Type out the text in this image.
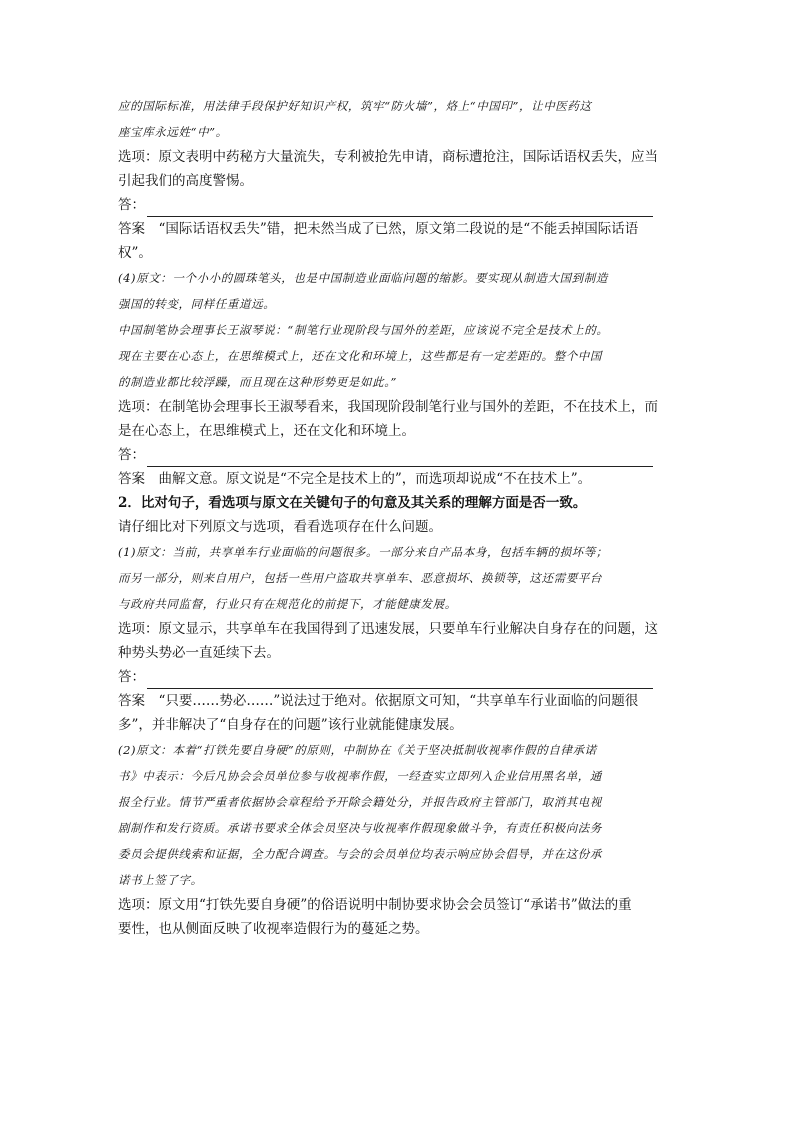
应的国际标准，用法律手段保护好知识产权，筑牢“防火墙”，烙上“中国印”，让中医药这

座宝库永远姓“中”。

选项：原文表明中药秘方大量流失，专利被抢先申请，商标遭抢注，国际话语权丢失，应当

引起我们的高度警惕。

答：

答案　“国际话语权丢失”错，把未然当成了已然，原文第二段说的是“不能丢掉国际话语

权”。

(4)原文：一个小小的圆珠笔头，也是中国制造业面临问题的缩影。要实现从制造大国到制造

强国的转变，同样任重道远。

中国制笔协会理事长王淑琴说：“制笔行业现阶段与国外的差距，应该说不完全是技术上的。

现在主要在心态上，在思维模式上，还在文化和环境上，这些都是有一定差距的。整个中国

的制造业都比较浮躁，而且现在这种形势更是如此。”

选项：在制笔协会理事长王淑琴看来，我国现阶段制笔行业与国外的差距，不在技术上，而

是在心态上，在思维模式上，还在文化和环境上。

答：

答案　曲解文意。原文说是“不完全是技术上的”，而选项却说成“不在技术上”。

2．比对句子，看选项与原文在关键句子的句意及其关系的理解方面是否一致。

请仔细比对下列原文与选项，看看选项存在什么问题。

(1)原文：当前，共享单车行业面临的问题很多。一部分来自产品本身，包括车辆的损坏等；

而另一部分，则来自用户，包括一些用户盗取共享单车、恶意损坏、换锁等，这还需要平台

与政府共同监督，行业只有在规范化的前提下，才能健康发展。

选项：原文显示，共享单车在我国得到了迅速发展，只要单车行业解决自身存在的问题，这

种势头势必一直延续下去。

答：

答案　“只要……势必……”说法过于绝对。依据原文可知，“共享单车行业面临的问题很

多”，并非解决了“自身存在的问题”该行业就能健康发展。

(2)原文：本着“打铁先要自身硬”的原则，中制协在《关于坚决抵制收视率作假的自律承诺

书》中表示：今后凡协会会员单位参与收视率作假，一经查实立即列入企业信用黑名单，通

报全行业。情节严重者依据协会章程给予开除会籍处分，并报告政府主管部门，取消其电视

剧制作和发行资质。承诺书要求全体会员坚决与收视率作假现象做斗争，有责任积极向法务

委员会提供线索和证据，全力配合调查。与会的会员单位均表示响应协会倡导，并在这份承

诺书上签了字。

选项：原文用“打铁先要自身硬”的俗语说明中制协要求协会会员签订“承诺书”做法的重

要性，也从侧面反映了收视率造假行为的蔓延之势。
